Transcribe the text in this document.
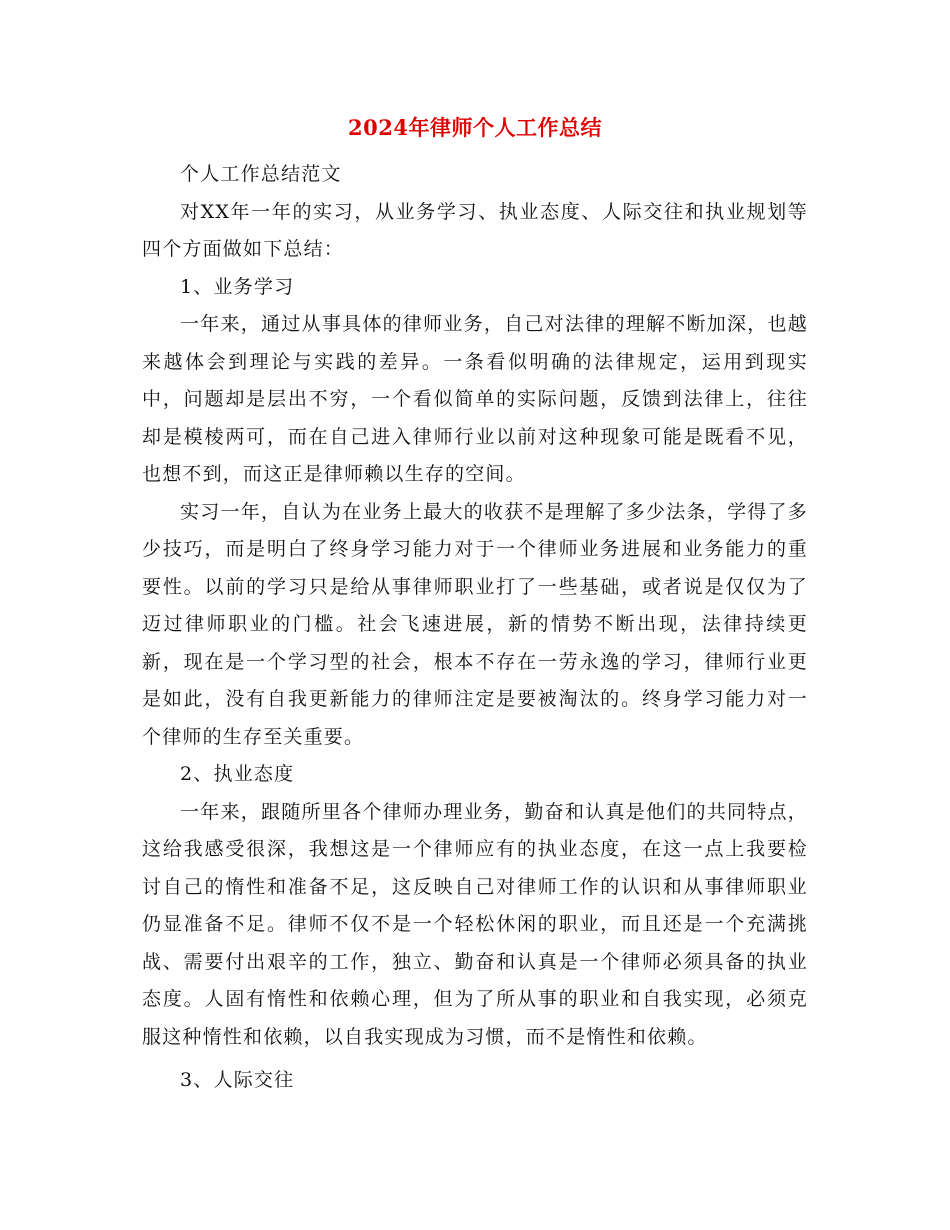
2024年律师个人工作总结

个人工作总结范文

对XX年一年的实习，从业务学习、执业态度、人际交往和执业规划等四个方面做如下总结：

1、业务学习

一年来，通过从事具体的律师业务，自己对法律的理解不断加深，也越来越体会到理论与实践的差异。一条看似明确的法律规定，运用到现实中，问题却是层出不穷，一个看似简单的实际问题，反馈到法律上，往往却是模棱两可，而在自己进入律师行业以前对这种现象可能是既看不见，也想不到，而这正是律师赖以生存的空间。

实习一年，自认为在业务上最大的收获不是理解了多少法条，学得了多少技巧，而是明白了终身学习能力对于一个律师业务进展和业务能力的重要性。以前的学习只是给从事律师职业打了一些基础，或者说是仅仅为了迈过律师职业的门槛。社会飞速进展，新的情势不断出现，法律持续更新，现在是一个学习型的社会，根本不存在一劳永逸的学习，律师行业更是如此，没有自我更新能力的律师注定是要被淘汰的。终身学习能力对一个律师的生存至关重要。

2、执业态度

一年来，跟随所里各个律师办理业务，勤奋和认真是他们的共同特点，这给我感受很深，我想这是一个律师应有的执业态度，在这一点上我要检讨自己的惰性和准备不足，这反映自己对律师工作的认识和从事律师职业仍显准备不足。律师不仅不是一个轻松休闲的职业，而且还是一个充满挑战、需要付出艰辛的工作，独立、勤奋和认真是一个律师必须具备的执业态度。人固有惰性和依赖心理，但为了所从事的职业和自我实现，必须克服这种惰性和依赖，以自我实现成为习惯，而不是惰性和依赖。

3、人际交往
